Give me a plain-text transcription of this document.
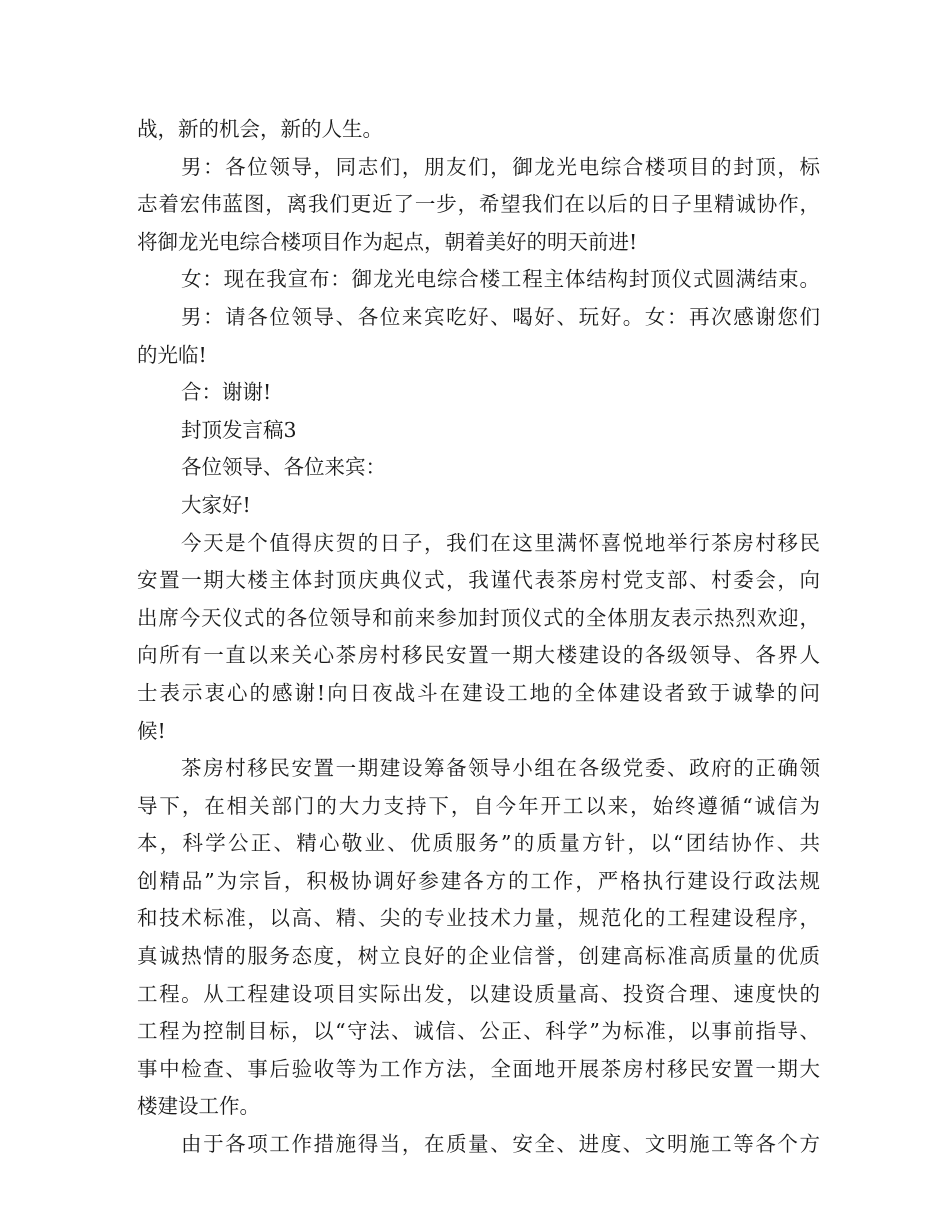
战，新的机会，新的人生。
男：各位领导，同志们，朋友们，御龙光电综合楼项目的封顶，标
志着宏伟蓝图，离我们更近了一步，希望我们在以后的日子里精诚协作，
将御龙光电综合楼项目作为起点，朝着美好的明天前进!
女：现在我宣布：御龙光电综合楼工程主体结构封顶仪式圆满结束。
男：请各位领导、各位来宾吃好、喝好、玩好。女：再次感谢您们
的光临!
合：谢谢!
封顶发言稿3
各位领导、各位来宾：
大家好!
今天是个值得庆贺的日子，我们在这里满怀喜悦地举行茶房村移民
安置一期大楼主体封顶庆典仪式，我谨代表茶房村党支部、村委会，向
出席今天仪式的各位领导和前来参加封顶仪式的全体朋友表示热烈欢迎，
向所有一直以来关心茶房村移民安置一期大楼建设的各级领导、各界人
士表示衷心的感谢!向日夜战斗在建设工地的全体建设者致于诚挚的问
候!
茶房村移民安置一期建设筹备领导小组在各级党委、政府的正确领
导下，在相关部门的大力支持下，自今年开工以来，始终遵循“诚信为
本，科学公正、精心敬业、优质服务”的质量方针，以“团结协作、共
创精品”为宗旨，积极协调好参建各方的工作，严格执行建设行政法规
和技术标准，以高、精、尖的专业技术力量，规范化的工程建设程序，
真诚热情的服务态度，树立良好的企业信誉，创建高标准高质量的优质
工程。从工程建设项目实际出发，以建设质量高、投资合理、速度快的
工程为控制目标，以“守法、诚信、公正、科学”为标准，以事前指导、
事中检查、事后验收等为工作方法，全面地开展茶房村移民安置一期大
楼建设工作。
由于各项工作措施得当，在质量、安全、进度、文明施工等各个方
